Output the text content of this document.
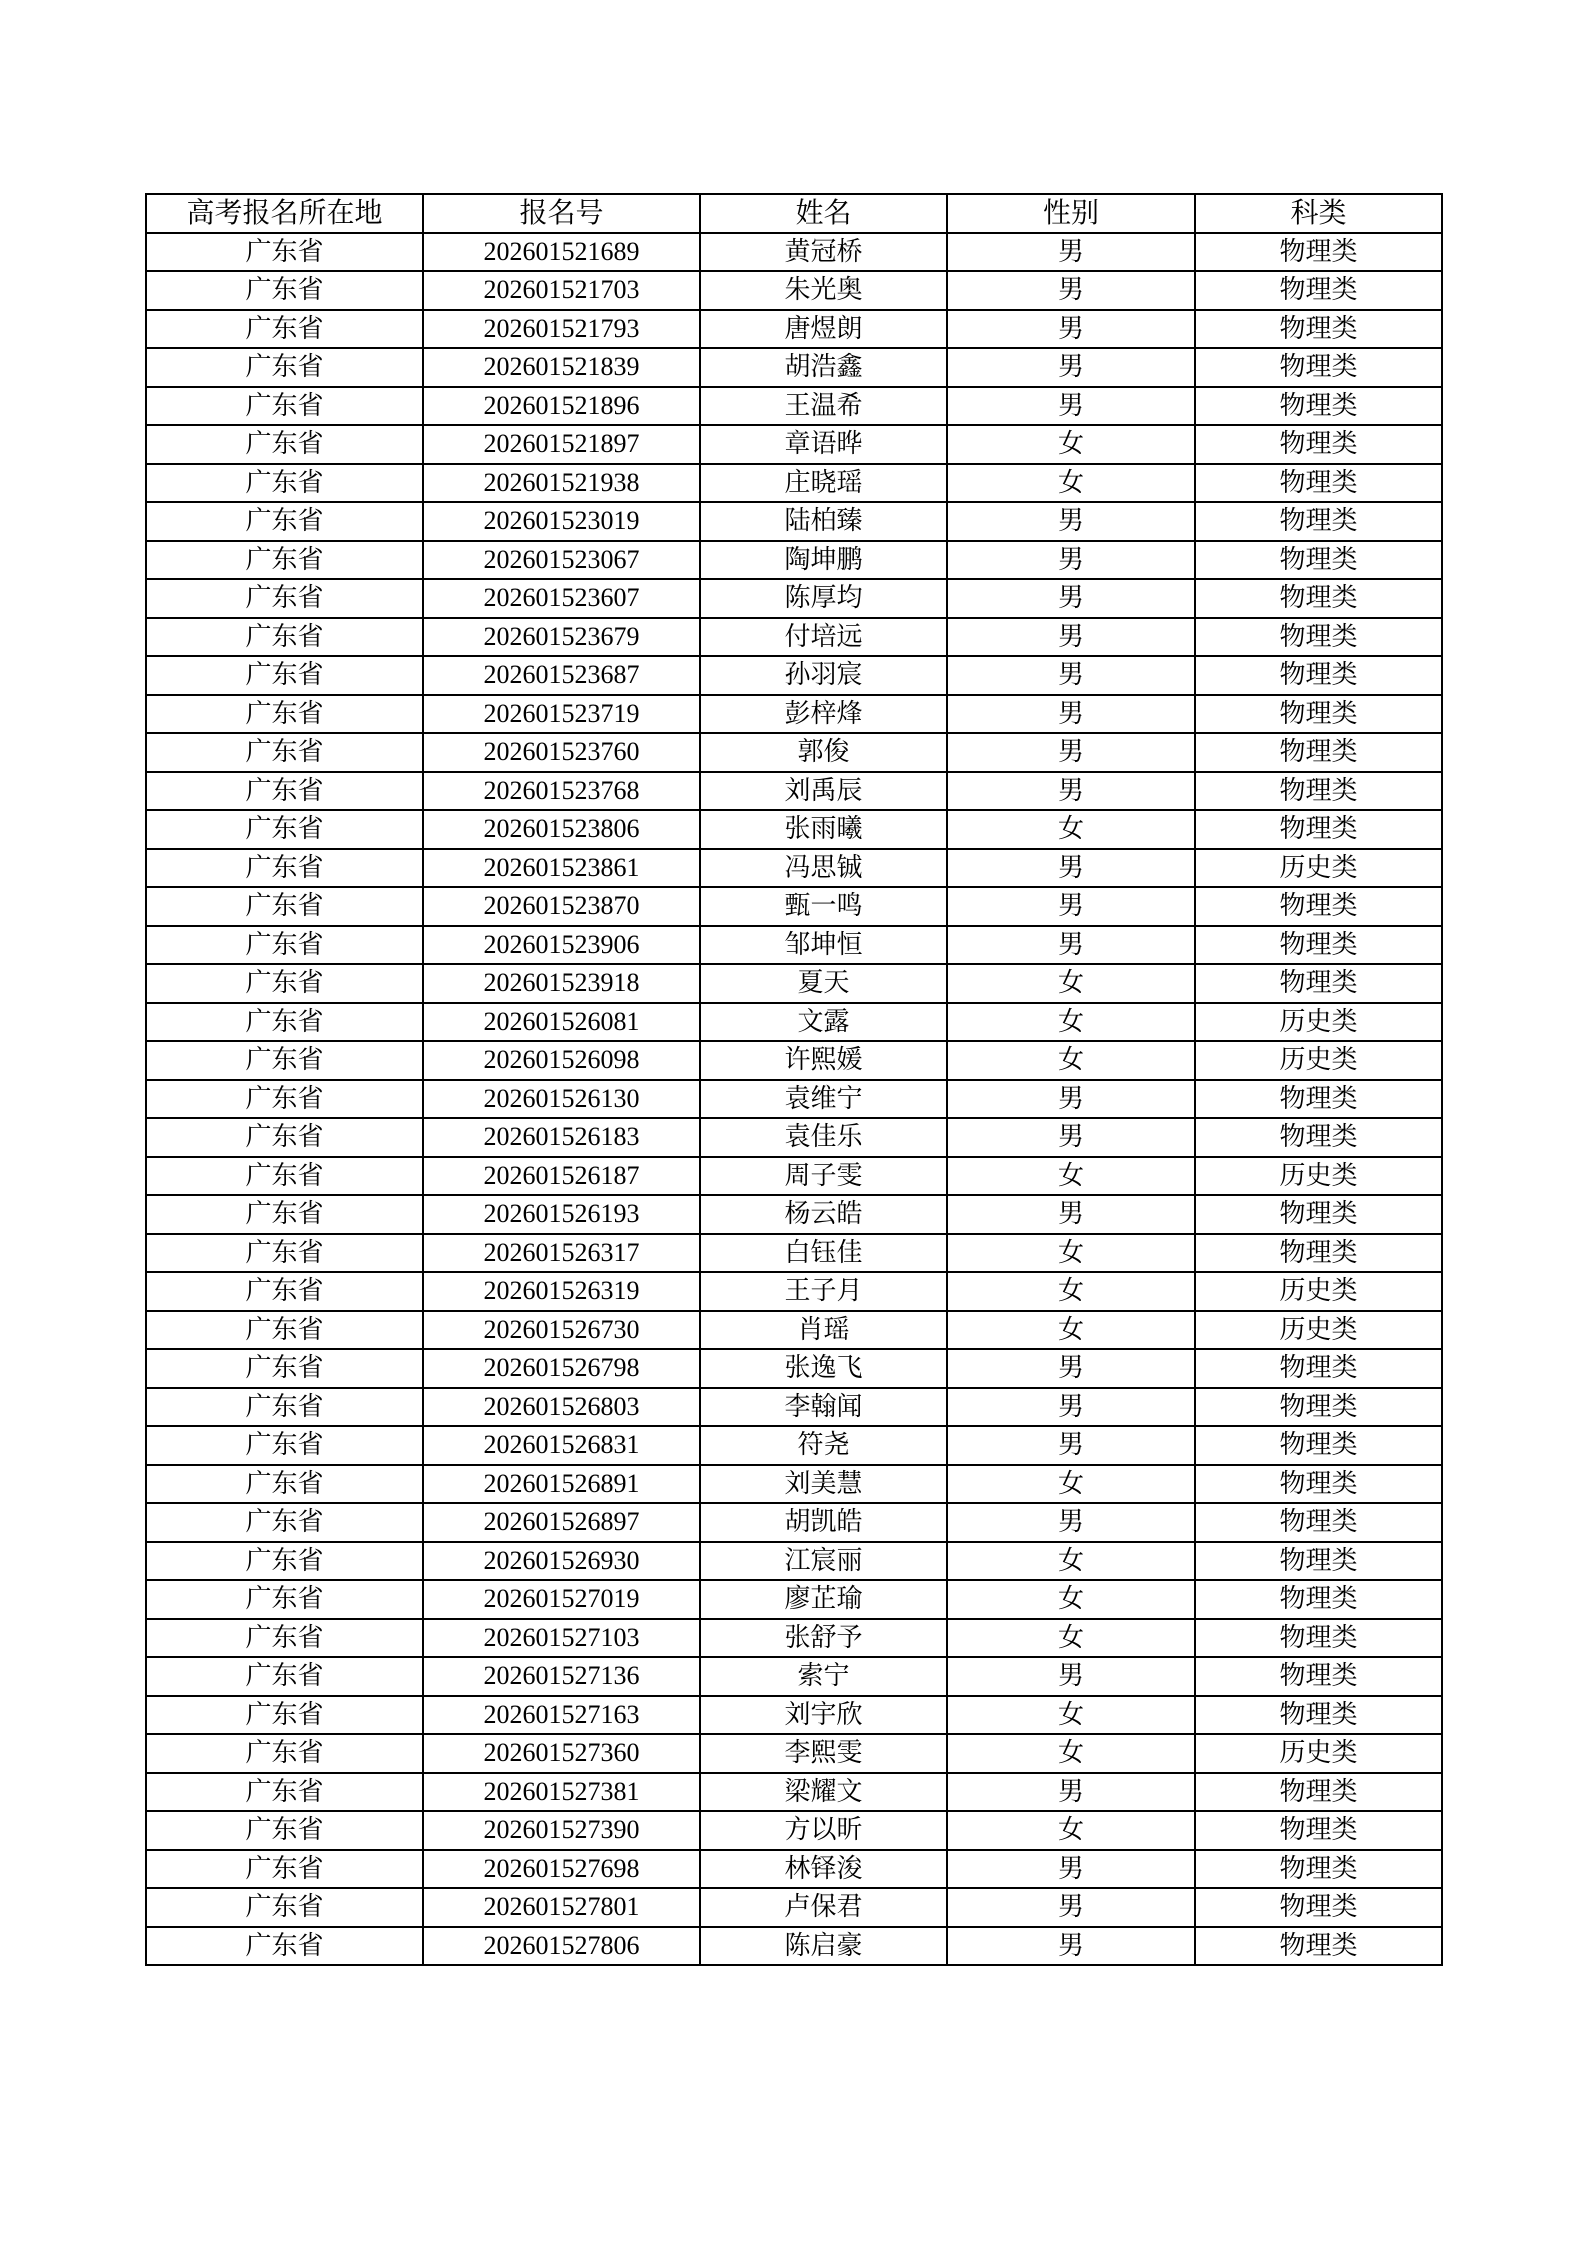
高考报名所在地	报名号	姓名	性别	科类
广东省	202601521689	黄冠桥	男	物理类
广东省	202601521703	朱光奥	男	物理类
广东省	202601521793	唐煜朗	男	物理类
广东省	202601521839	胡浩鑫	男	物理类
广东省	202601521896	王温希	男	物理类
广东省	202601521897	章语晔	女	物理类
广东省	202601521938	庄晓瑶	女	物理类
广东省	202601523019	陆柏臻	男	物理类
广东省	202601523067	陶坤鹏	男	物理类
广东省	202601523607	陈厚均	男	物理类
广东省	202601523679	付培远	男	物理类
广东省	202601523687	孙羽宸	男	物理类
广东省	202601523719	彭梓烽	男	物理类
广东省	202601523760	郭俊	男	物理类
广东省	202601523768	刘禹辰	男	物理类
广东省	202601523806	张雨曦	女	物理类
广东省	202601523861	冯思铖	男	历史类
广东省	202601523870	甄一鸣	男	物理类
广东省	202601523906	邹坤恒	男	物理类
广东省	202601523918	夏天	女	物理类
广东省	202601526081	文露	女	历史类
广东省	202601526098	许熙媛	女	历史类
广东省	202601526130	袁维宁	男	物理类
广东省	202601526183	袁佳乐	男	物理类
广东省	202601526187	周子雯	女	历史类
广东省	202601526193	杨云皓	男	物理类
广东省	202601526317	白钰佳	女	物理类
广东省	202601526319	王子月	女	历史类
广东省	202601526730	肖瑶	女	历史类
广东省	202601526798	张逸飞	男	物理类
广东省	202601526803	李翰闻	男	物理类
广东省	202601526831	符尧	男	物理类
广东省	202601526891	刘美慧	女	物理类
广东省	202601526897	胡凯皓	男	物理类
广东省	202601526930	江宸丽	女	物理类
广东省	202601527019	廖芷瑜	女	物理类
广东省	202601527103	张舒予	女	物理类
广东省	202601527136	索宁	男	物理类
广东省	202601527163	刘宇欣	女	物理类
广东省	202601527360	李熙雯	女	历史类
广东省	202601527381	梁耀文	男	物理类
广东省	202601527390	方以昕	女	物理类
广东省	202601527698	林铎浚	男	物理类
广东省	202601527801	卢保君	男	物理类
广东省	202601527806	陈启豪	男	物理类
